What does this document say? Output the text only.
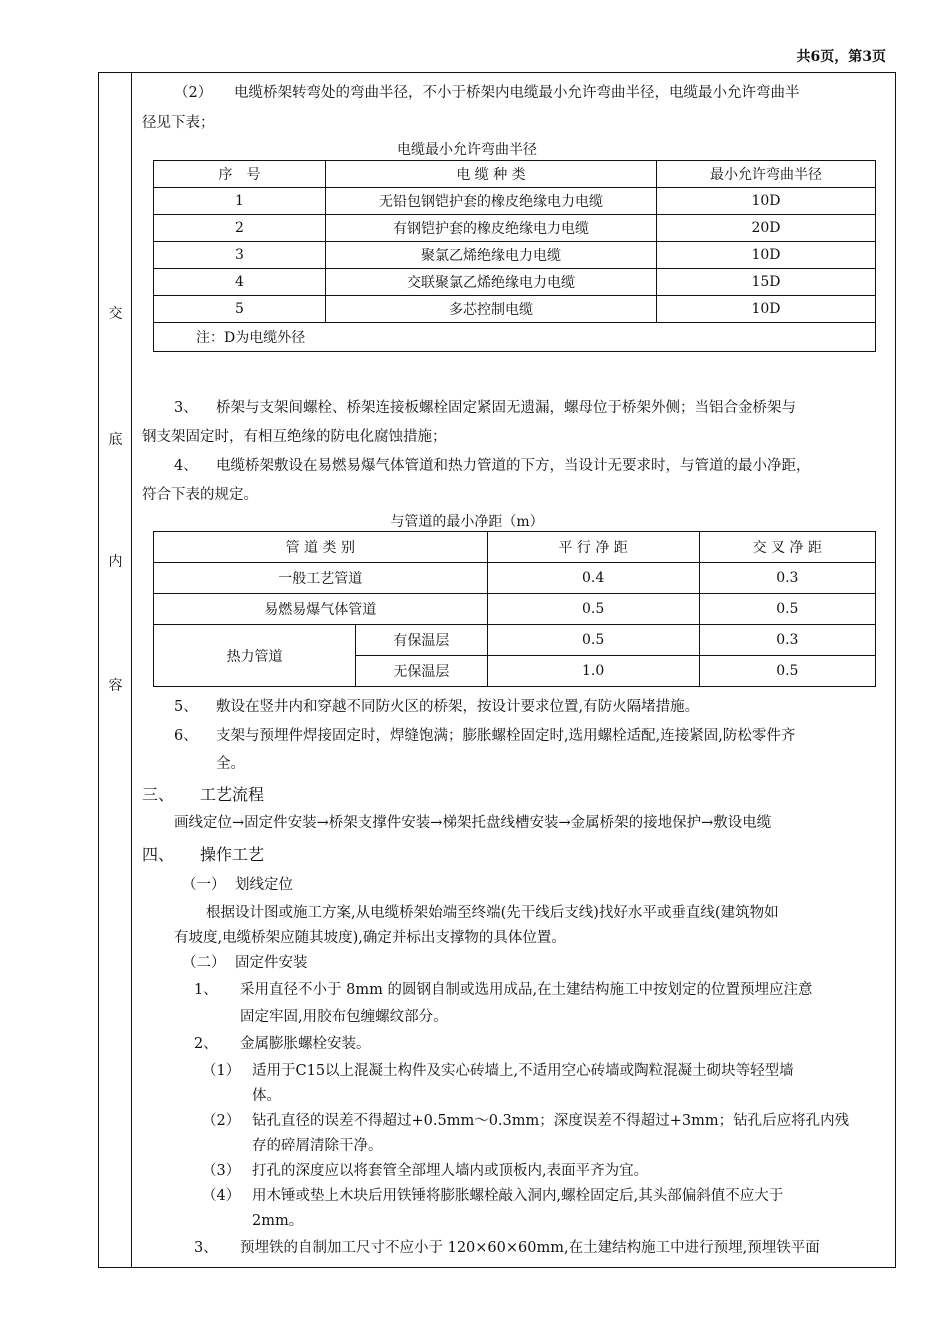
共6页，第3页
交
底
内
容
（2） 电缆桥架转弯处的弯曲半径，不小于桥架内电缆最小允许弯曲半径，电缆最小允许弯曲半
径见下表；
电缆最小允许弯曲半径
序　号	电 缆 种 类	最小允许弯曲半径
1	无铅包钢铠护套的橡皮绝缘电力电缆	10D
2	有钢铠护套的橡皮绝缘电力电缆	20D
3	聚氯乙烯绝缘电力电缆	10D
4	交联聚氯乙烯绝缘电力电缆	15D
5	多芯控制电缆	10D
注：D为电缆外径		
3、 桥架与支架间螺栓、桥架连接板螺栓固定紧固无遗漏，螺母位于桥架外侧；当铝合金桥架与
钢支架固定时，有相互绝缘的防电化腐蚀措施；
4、 电缆桥架敷设在易燃易爆气体管道和热力管道的下方，当设计无要求时，与管道的最小净距，
符合下表的规定。
与管道的最小净距（m）
管 道 类 别		平 行 净 距	交 叉 净 距
一般工艺管道		0.4	0.3
易燃易爆气体管道		0.5	0.5
热力管道	有保温层	0.5	0.3
	无保温层	1.0	0.5
5、 敷设在竖井内和穿越不同防火区的桥架，按设计要求位置,有防火隔堵措施。
6、 支架与预埋件焊接固定时，焊缝饱满；膨胀螺栓固定时,选用螺栓适配,连接紧固,防松零件齐
全。
三、 工艺流程
画线定位→固定件安装→桥架支撑件安装→梯架托盘线槽安装→金属桥架的接地保护→敷设电缆
四、 操作工艺
（一） 划线定位
根据设计图或施工方案,从电缆桥架始端至终端(先干线后支线)找好水平或垂直线(建筑物如
有坡度,电缆桥架应随其坡度),确定并标出支撑物的具体位置。
（二） 固定件安装
1、 采用直径不小于 8mm 的圆钢自制或选用成品,在土建结构施工中按划定的位置预埋应注意
固定牢固,用胶布包缠螺纹部分。
2、 金属膨胀螺栓安装。
（1） 适用于C15以上混凝土构件及实心砖墙上,不适用空心砖墙或陶粒混凝土砌块等轻型墙
体。
（2） 钻孔直径的误差不得超过+0.5mm～0.3mm；深度误差不得超过+3mm；钻孔后应将孔内残
存的碎屑清除干净。
（3） 打孔的深度应以将套管全部埋人墙内或顶板内,表面平齐为宜。
（4） 用木锤或垫上木块后用铁锤将膨胀螺栓敲入洞内,螺栓固定后,其头部偏斜值不应大于
2mm。
3、 预埋铁的自制加工尺寸不应小于 120×60×60mm,在土建结构施工中进行预埋,预埋铁平面
